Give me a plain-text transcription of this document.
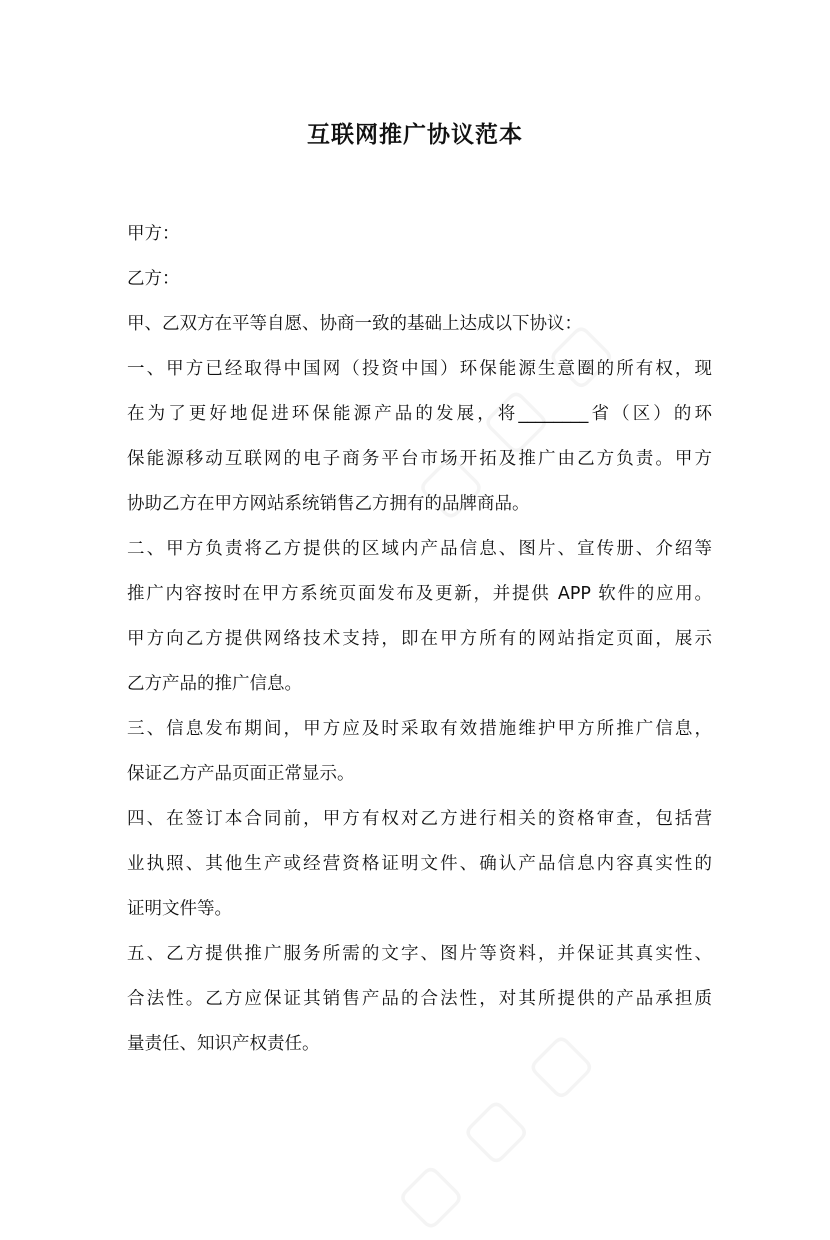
互联网推广协议范本
甲方：
乙方：
甲、乙双方在平等自愿、协商一致的基础上达成以下协议：
一、甲方已经取得中国网（投资中国）环保能源生意圈的所有权，现
在为了更好地促进环保能源产品的发展，将________省（区）的环
保能源移动互联网的电子商务平台市场开拓及推广由乙方负责。甲方
协助乙方在甲方网站系统销售乙方拥有的品牌商品。
二、甲方负责将乙方提供的区域内产品信息、图片、宣传册、介绍等
推广内容按时在甲方系统页面发布及更新，并提供 APP 软件的应用。
甲方向乙方提供网络技术支持，即在甲方所有的网站指定页面，展示
乙方产品的推广信息。
三、信息发布期间，甲方应及时采取有效措施维护甲方所推广信息，
保证乙方产品页面正常显示。
四、在签订本合同前，甲方有权对乙方进行相关的资格审查，包括营
业执照、其他生产或经营资格证明文件、确认产品信息内容真实性的
证明文件等。
五、乙方提供推广服务所需的文字、图片等资料，并保证其真实性、
合法性。乙方应保证其销售产品的合法性，对其所提供的产品承担质
量责任、知识产权责任。
